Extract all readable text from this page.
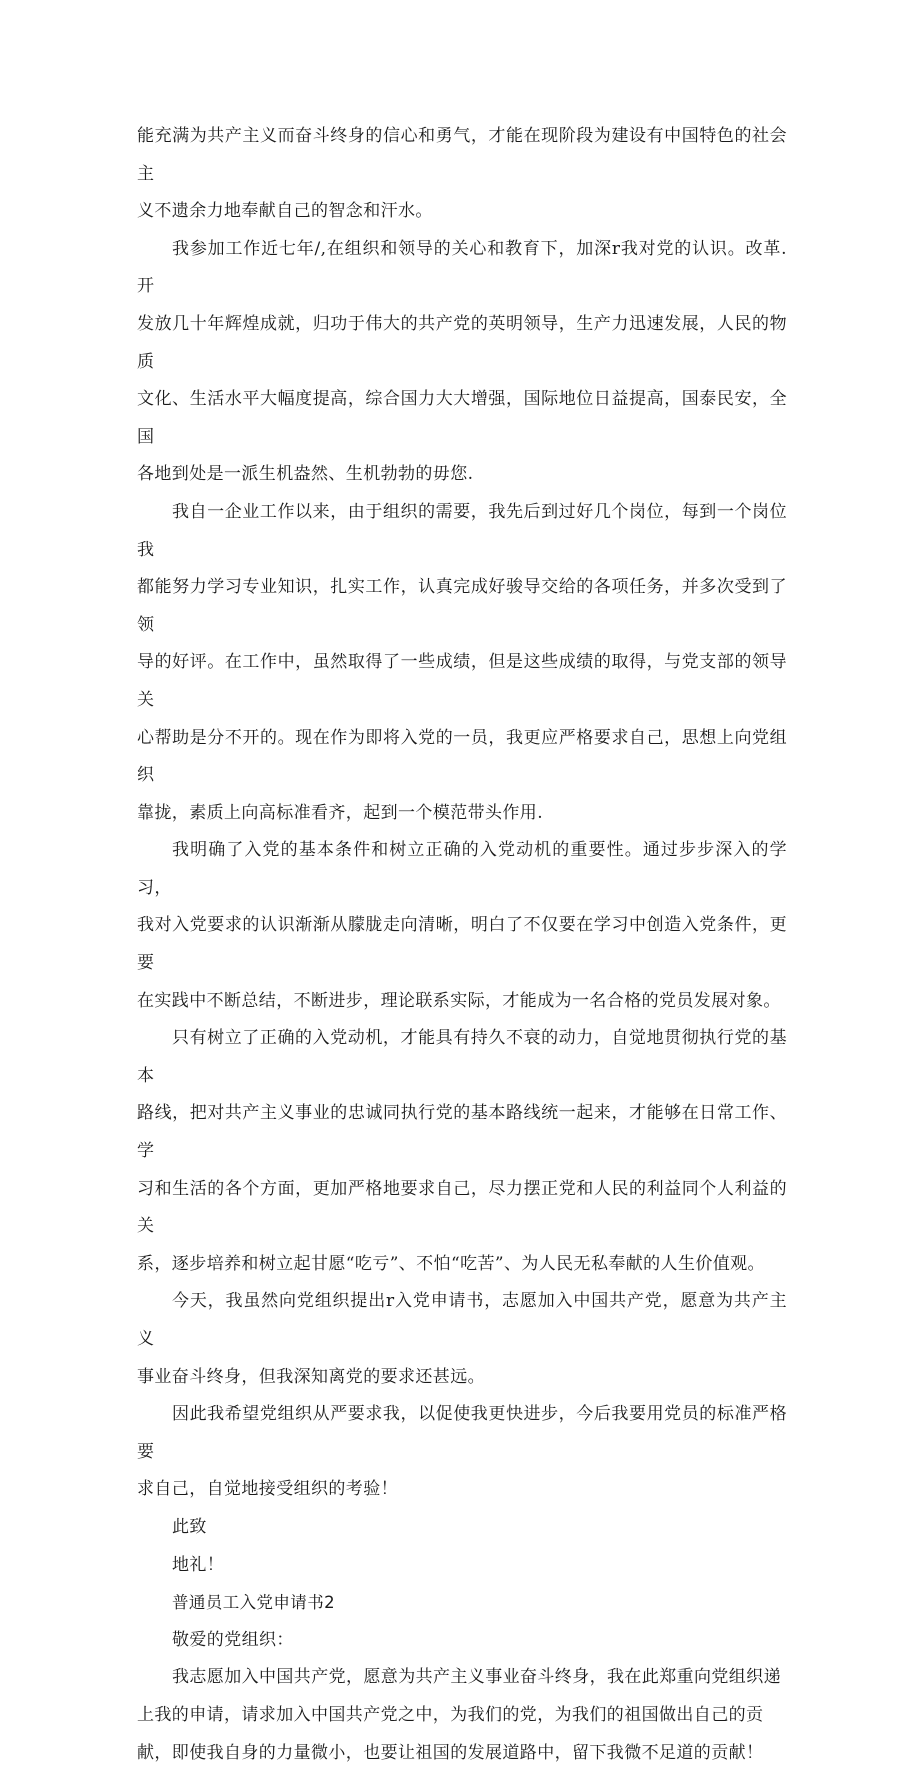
能充满为共产主义而奋斗终身的信心和勇气，才能在现阶段为建设有中国特色的社会主
义不遗余力地奉献自己的智念和汗水。

我参加工作近七年/,在组织和领导的关心和教育下，加深r我对党的认识。改革.开
发放几十年辉煌成就，归功于伟大的共产党的英明领导，生产力迅速发展，人民的物质
文化、生活水平大幅度提高，综合国力大大增强，国际地位日益提高，国泰民安，全国
各地到处是一派生机盎然、生机勃勃的毋您.

我自一企业工作以来，由于组织的需要，我先后到过好几个岗位，每到一个岗位我
都能努力学习专业知识，扎实工作，认真完成好骏导交给的各项任务，并多次受到了领
导的好评。在工作中，虽然取得了一些成绩，但是这些成绩的取得，与党支部的领导关
心帮助是分不开的。现在作为即将入党的一员，我更应严格要求自己，思想上向党组织
靠拢，素质上向高标准看齐，起到一个模范带头作用.

我明确了入党的基本条件和树立正确的入党动机的重要性。通过步步深入的学习，
我对入党要求的认识渐渐从朦胧走向清晰，明白了不仅要在学习中创造入党条件，更要
在实践中不断总结，不断进步，理论联系实际，才能成为一名合格的党员发展对象。

只有树立了正确的入党动机，才能具有持久不衰的动力，自觉地贯彻执行党的基本
路线，把对共产主义事业的忠诚同执行党的基本路线统一起来，才能够在日常工作、学
习和生活的各个方面，更加严格地要求自己，尽力摆正党和人民的利益同个人利益的关
系，逐步培养和树立起甘愿“吃亏”、不怕“吃苦”、为人民无私奉献的人生价值观。

今天，我虽然向党组织提出r入党申请书，志愿加入中国共产党，愿意为共产主义
事业奋斗终身，但我深知离党的要求还甚远。

因此我希望党组织从严要求我，以促使我更快进步，今后我要用党员的标准严格要
求自己，自觉地接受组织的考验！

此致

地礼！

普通员工入党申请书2

敬爱的党组织：

我志愿加入中国共产党，愿意为共产主义事业奋斗终身，我在此郑重向党组织递
上我的申请，请求加入中国共产党之中，为我们的党，为我们的祖国做出自己的贡
献，即使我自身的力量微小，也要让祖国的发展道路中，留下我微不足道的贡献！
